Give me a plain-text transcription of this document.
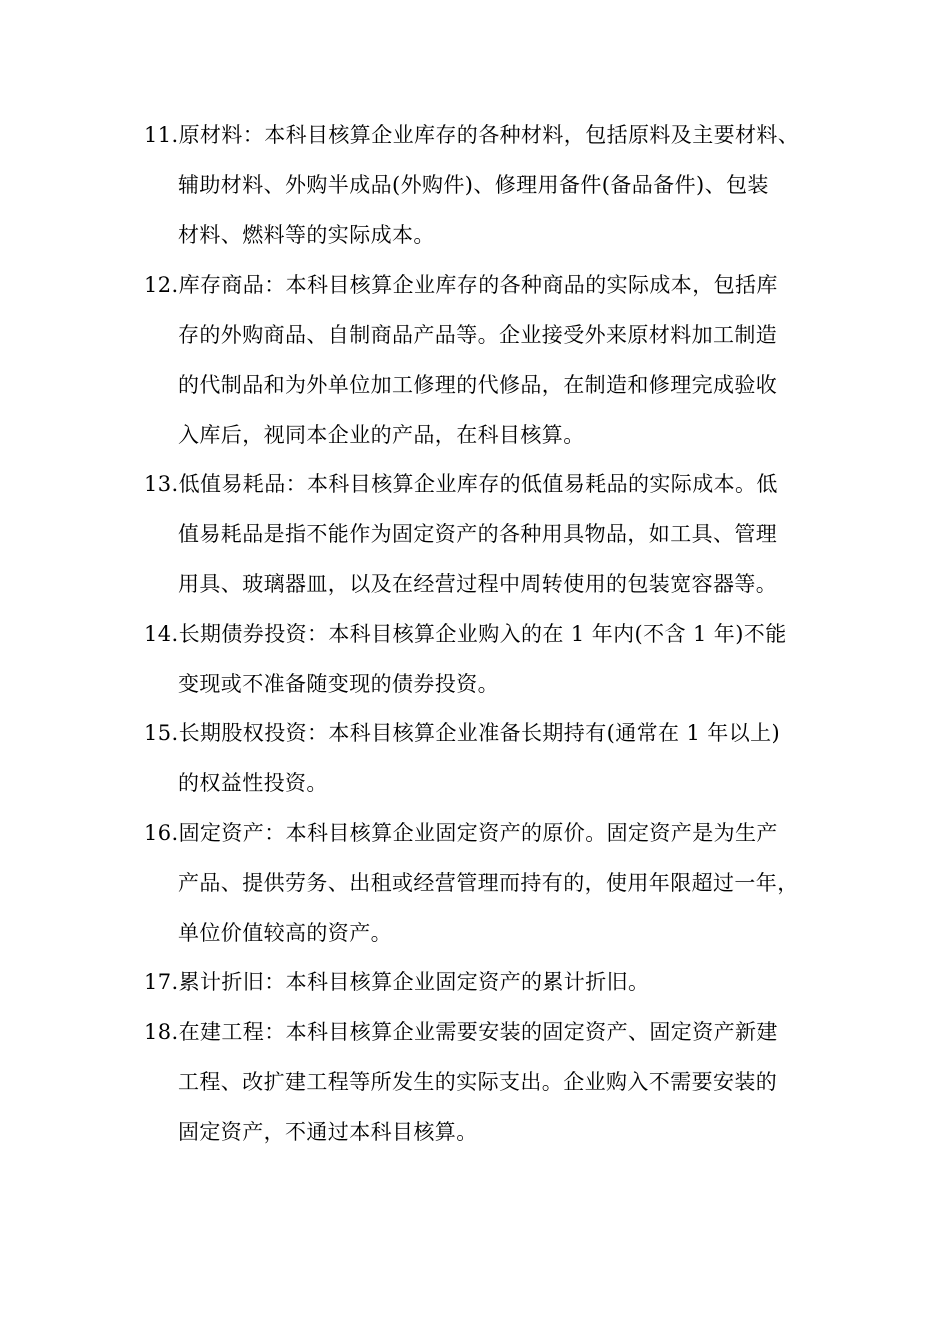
11.原材料：本科目核算企业库存的各种材料，包括原料及主要材料、
辅助材料、外购半成品(外购件)、修理用备件(备品备件)、包装
材料、燃料等的实际成本。
12.库存商品：本科目核算企业库存的各种商品的实际成本，包括库
存的外购商品、自制商品产品等。企业接受外来原材料加工制造
的代制品和为外单位加工修理的代修品，在制造和修理完成验收
入库后，视同本企业的产品，在科目核算。
13.低值易耗品：本科目核算企业库存的低值易耗品的实际成本。低
值易耗品是指不能作为固定资产的各种用具物品，如工具、管理
用具、玻璃器皿，以及在经营过程中周转使用的包装宽容器等。
14.长期债券投资：本科目核算企业购入的在 1 年内(不含 1 年)不能
变现或不准备随变现的债券投资。
15.长期股权投资：本科目核算企业准备长期持有(通常在 1 年以上)
的权益性投资。
16.固定资产：本科目核算企业固定资产的原价。固定资产是为生产
产品、提供劳务、出租或经营管理而持有的，使用年限超过一年，
单位价值较高的资产。
17.累计折旧：本科目核算企业固定资产的累计折旧。
18.在建工程：本科目核算企业需要安装的固定资产、固定资产新建
工程、改扩建工程等所发生的实际支出。企业购入不需要安装的
固定资产，不通过本科目核算。
